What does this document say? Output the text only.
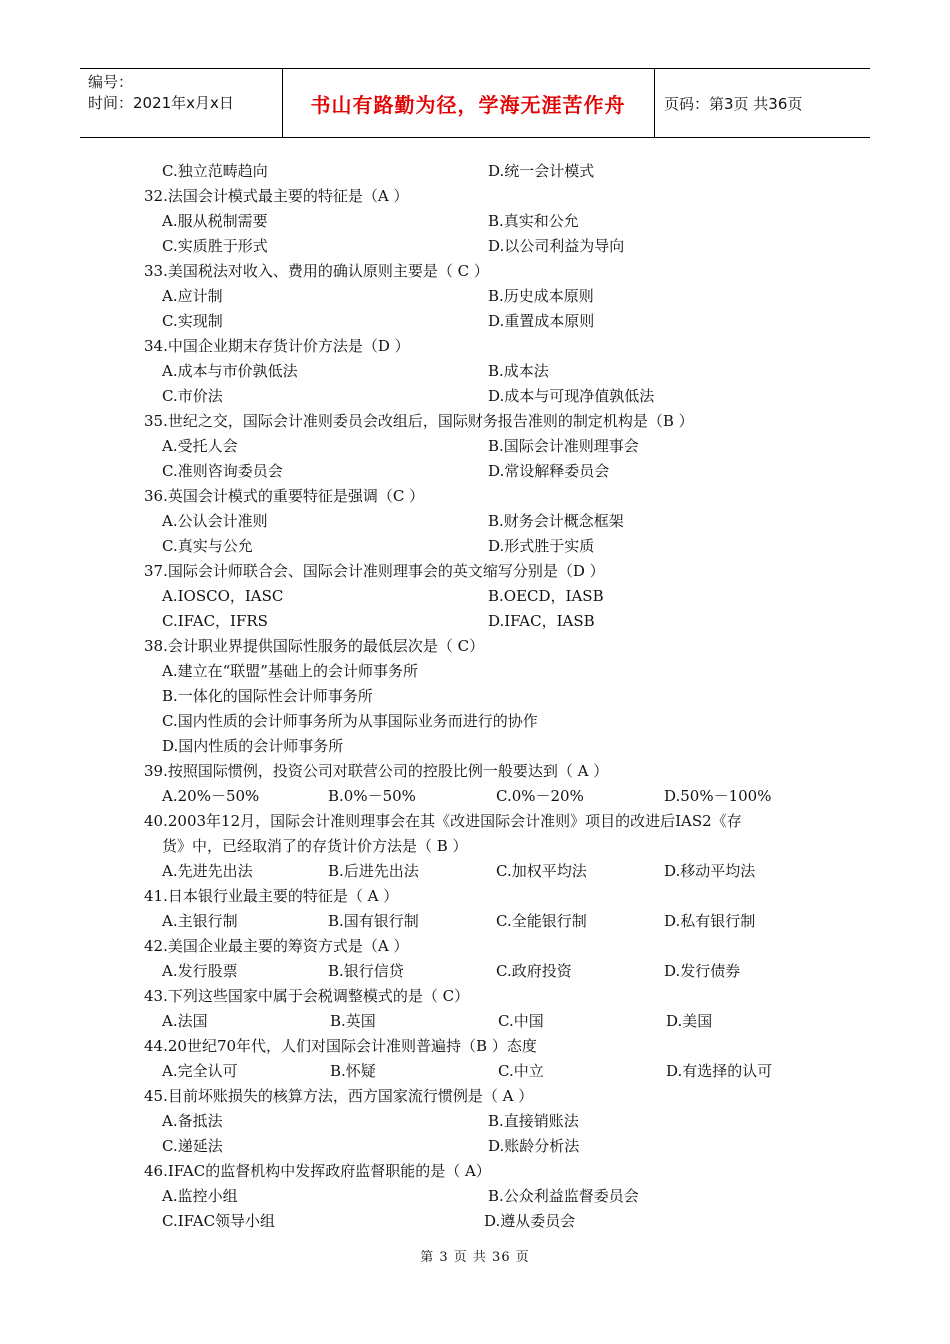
编号：
时间：2021年x月x日	书山有路勤为径，学海无涯苦作舟	页码：第3页 共36页
C.独立范畴趋向	D.统一会计模式
32.法国会计模式最主要的特征是（A ）
A.服从税制需要	B.真实和公允
C.实质胜于形式	D.以公司利益为导向
33.美国税法对收入、费用的确认原则主要是（ C ）
A.应计制	B.历史成本原则
C.实现制	D.重置成本原则
34.中国企业期末存货计价方法是（D ）
A.成本与市价孰低法	B.成本法
C.市价法	D.成本与可现净值孰低法
35.世纪之交，国际会计准则委员会改组后，国际财务报告准则的制定机构是（B ）
A.受托人会	B.国际会计准则理事会
C.准则咨询委员会	D.常设解释委员会
36.英国会计模式的重要特征是强调（C ）
A.公认会计准则	B.财务会计概念框架
C.真实与公允	D.形式胜于实质
37.国际会计师联合会、国际会计准则理事会的英文缩写分别是（D ）
A.IOSCO，IASC	B.OECD，IASB
C.IFAC，IFRS	D.IFAC，IASB
38.会计职业界提供国际性服务的最低层次是（ C）
A.建立在“联盟”基础上的会计师事务所
B.一体化的国际性会计师事务所
C.国内性质的会计师事务所为从事国际业务而进行的协作
D.国内性质的会计师事务所
39.按照国际惯例，投资公司对联营公司的控股比例一般要达到（ A ）
A.20%－50%	B.0%－50%	C.0%－20%	D.50%－100%
40.2003年12月，国际会计准则理事会在其《改进国际会计准则》项目的改进后IAS2《存
货》中，已经取消了的存货计价方法是（ B ）
A.先进先出法	B.后进先出法	C.加权平均法	D.移动平均法
41.日本银行业最主要的特征是（ A ）
A.主银行制	B.国有银行制	C.全能银行制	D.私有银行制
42.美国企业最主要的筹资方式是（A ）
A.发行股票	B.银行信贷	C.政府投资	D.发行债券
43.下列这些国家中属于会税调整模式的是（ C）
A.法国	B.英国	C.中国	D.美国
44.20世纪70年代，人们对国际会计准则普遍持（B ）态度
A.完全认可	B.怀疑	C.中立	D.有选择的认可
45.目前坏账损失的核算方法，西方国家流行惯例是（ A ）
A.备抵法	B.直接销账法
C.递延法	D.账龄分析法
46.IFAC的监督机构中发挥政府监督职能的是（ A）
A.监控小组	B.公众利益监督委员会
C.IFAC领导小组	D.遵从委员会
第 3 页 共 36 页
